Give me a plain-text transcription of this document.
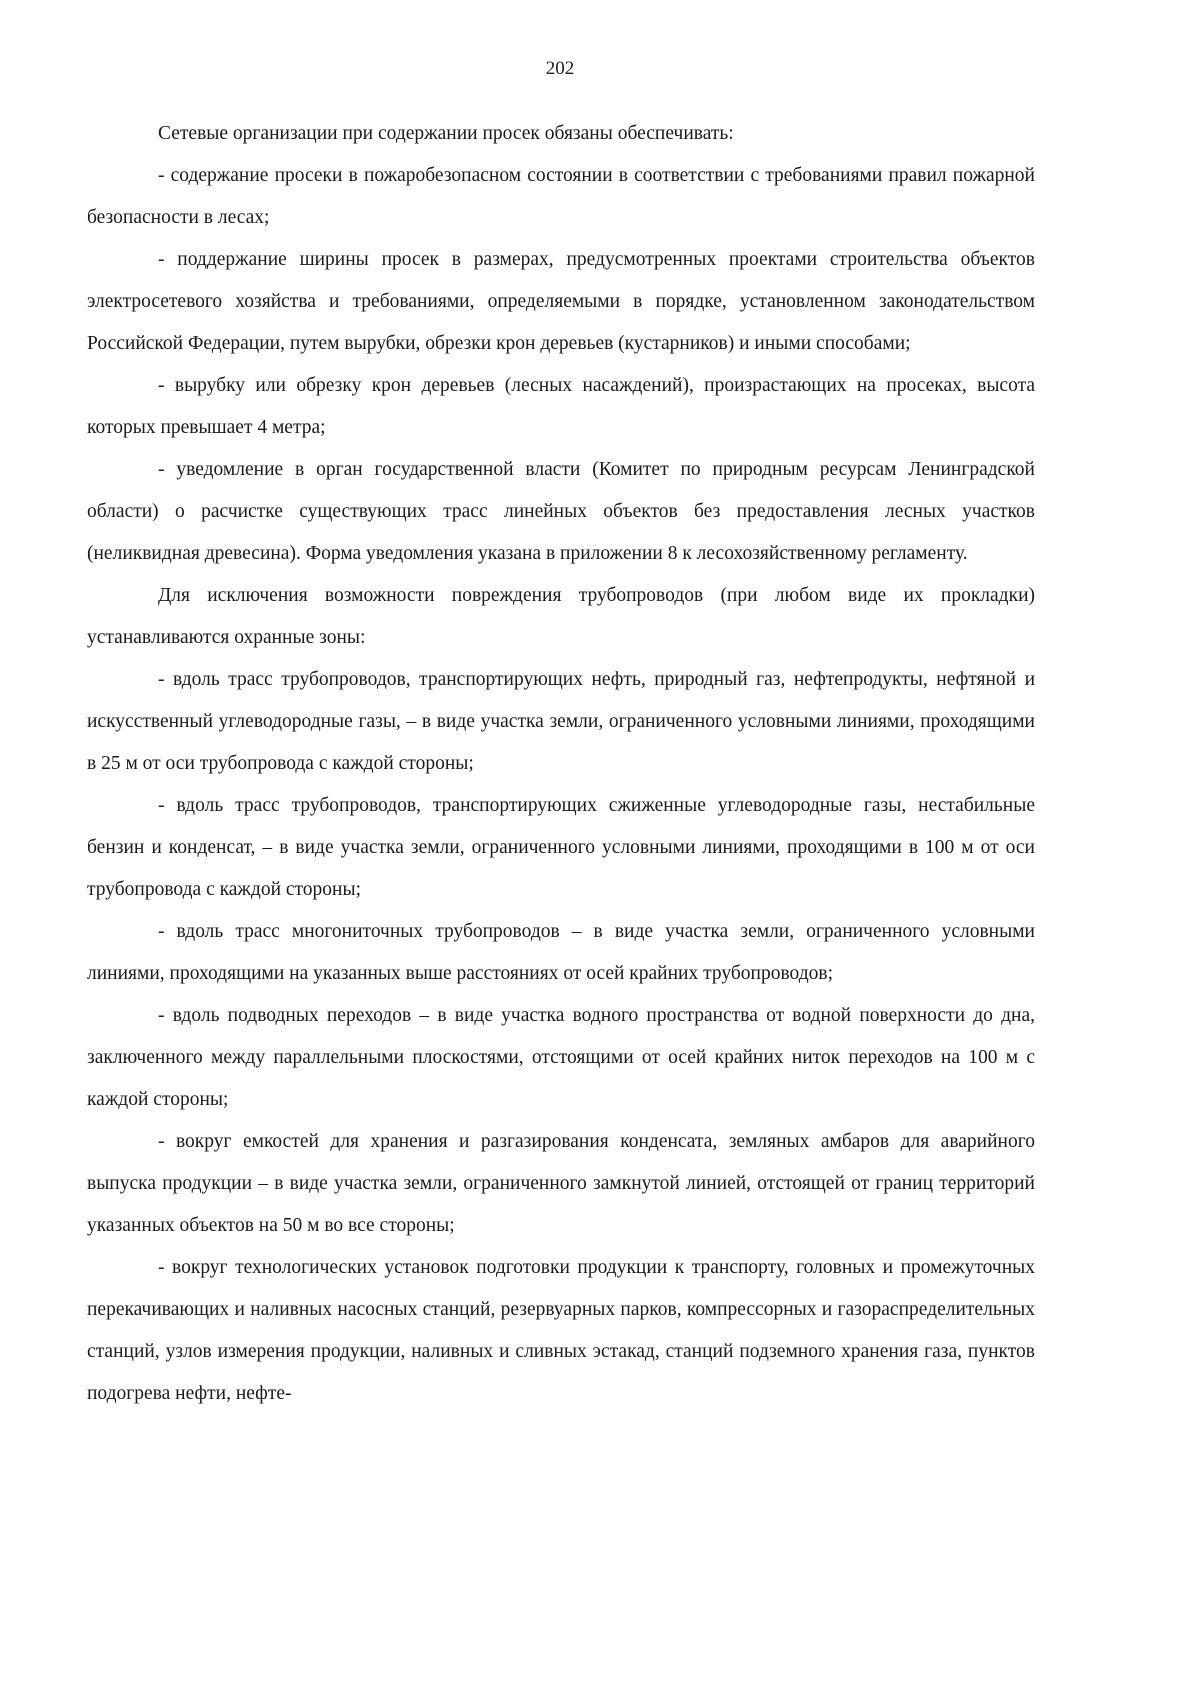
202

Сетевые организации при содержании просек обязаны обеспечивать:

- содержание просеки в пожаробезопасном состоянии в соответствии с требованиями правил пожарной безопасности в лесах;

- поддержание ширины просек в размерах, предусмотренных проектами строительства объектов электросетевого хозяйства и требованиями, определяемыми в порядке, установленном законодательством Российской Федерации, путем вырубки, обрезки крон деревьев (кустарников) и иными способами;

- вырубку или обрезку крон деревьев (лесных насаждений), произрастающих на просеках, высота которых превышает 4 метра;

- уведомление в орган государственной власти (Комитет по природным ресурсам Ленинградской области) о расчистке существующих трасс линейных объектов без предоставления лесных участков (неликвидная древесина). Форма уведомления указана в приложении 8 к лесохозяйственному регламенту.

Для исключения возможности повреждения трубопроводов (при любом виде их прокладки) устанавливаются охранные зоны:

- вдоль трасс трубопроводов, транспортирующих нефть, природный газ, нефтепродукты, нефтяной и искусственный углеводородные газы, – в виде участка земли, ограниченного условными линиями, проходящими в 25 м от оси трубопровода с каждой стороны;

- вдоль трасс трубопроводов, транспортирующих сжиженные углеводородные газы, нестабильные бензин и конденсат, – в виде участка земли, ограниченного условными линиями, проходящими в 100 м от оси трубопровода с каждой стороны;

- вдоль трасс многониточных трубопроводов – в виде участка земли, ограниченного условными линиями, проходящими на указанных выше расстояниях от осей крайних трубопроводов;

- вдоль подводных переходов – в виде участка водного пространства от водной поверхности до дна, заключенного между параллельными плоскостями, отстоящими от осей крайних ниток переходов на 100 м с каждой стороны;

- вокруг емкостей для хранения и разгазирования конденсата, земляных амбаров для аварийного выпуска продукции – в виде участка земли, ограниченного замкнутой линией, отстоящей от границ территорий указанных объектов на 50 м во все стороны;

- вокруг технологических установок подготовки продукции к транспорту, головных и промежуточных перекачивающих и наливных насосных станций, резервуарных парков, компрессорных и газораспределительных станций, узлов измерения продукции, наливных и сливных эстакад, станций подземного хранения газа, пунктов подогрева нефти, нефте-
